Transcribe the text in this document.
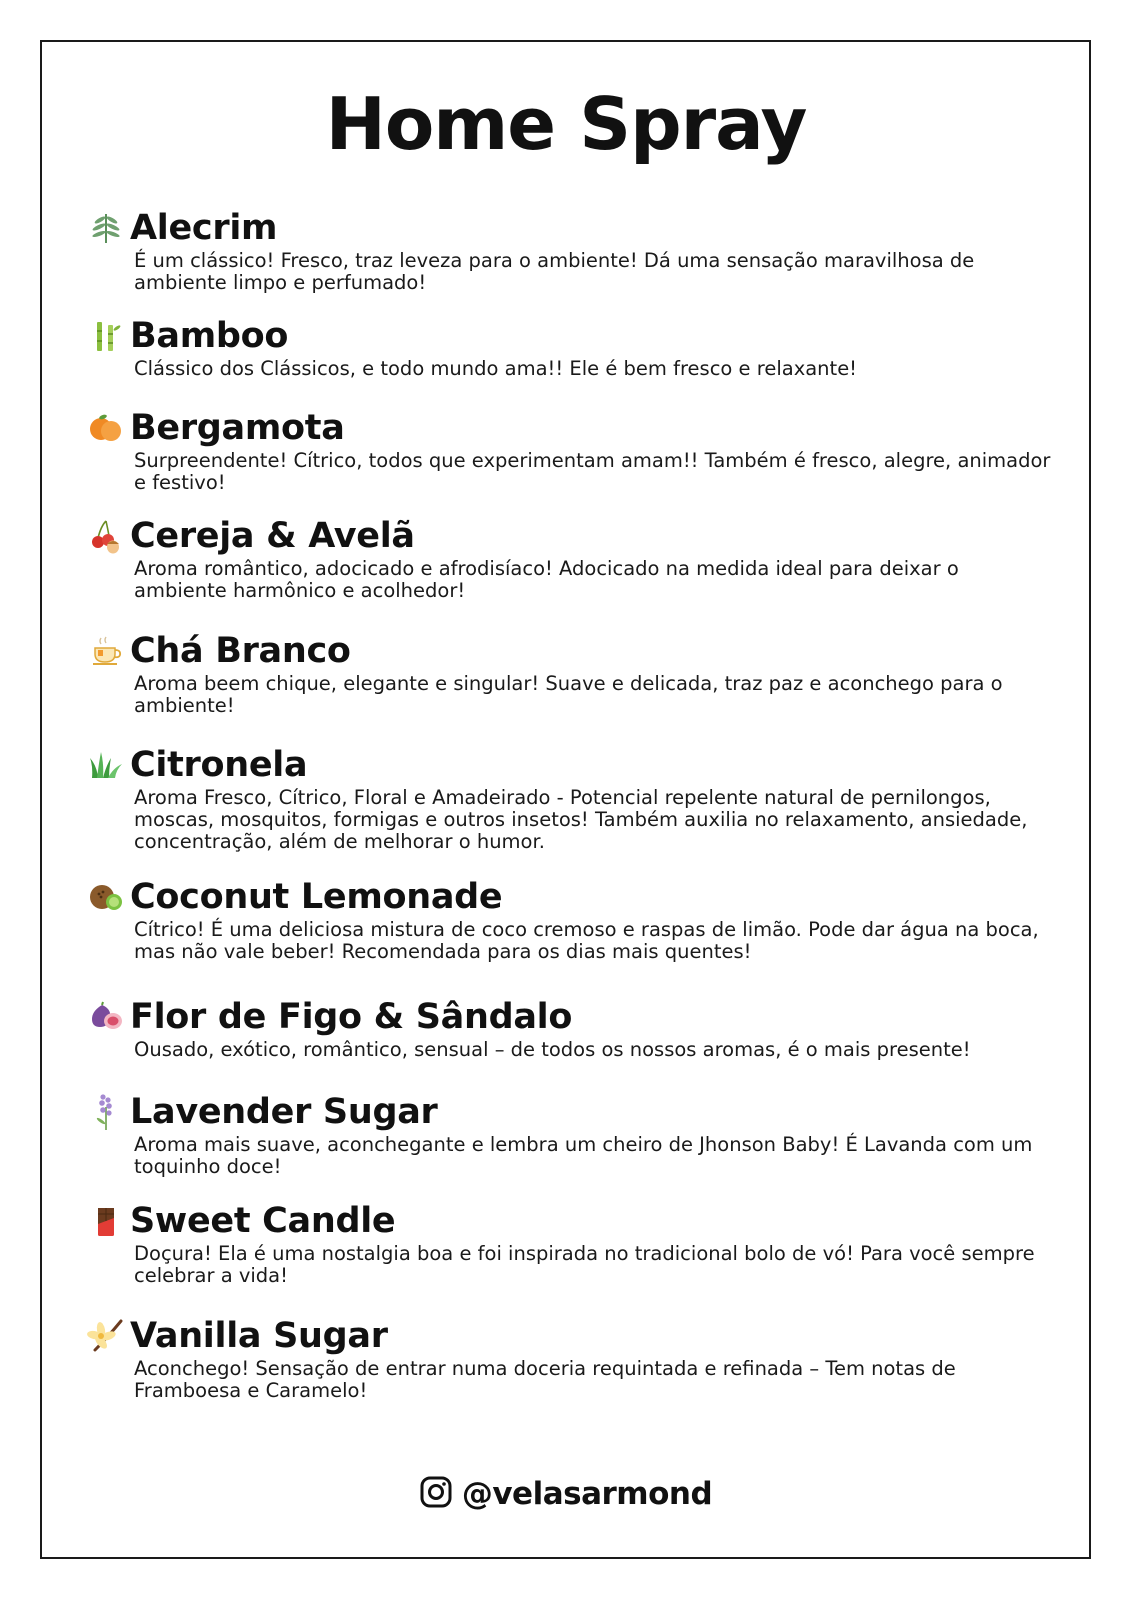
Home Spray
Alecrim

É um clássico! Fresco, traz leveza para o ambiente! Dá uma sensação maravilhosa de ambiente limpo e perfumado!

Bamboo

Clássico dos Clássicos, e todo mundo ama!! Ele é bem fresco e relaxante!

Bergamota

Surpreendente! Cítrico, todos que experimentam amam!! Também é fresco, alegre, animador e festivo!

Cereja & Avelã

Aroma romântico, adocicado e afrodisíaco! Adocicado na medida ideal para deixar o ambiente harmônico e acolhedor!

Chá Branco

Aroma beem chique, elegante e singular! Suave e delicada, traz paz e aconchego para o ambiente!

Citronela

Aroma Fresco, Cítrico, Floral e Amadeirado - Potencial repelente natural de pernilongos, moscas, mosquitos, formigas e outros insetos! Também auxilia no relaxamento, ansiedade, concentração, além de melhorar o humor.

Coconut Lemonade

Cítrico! É uma deliciosa mistura de coco cremoso e raspas de limão. Pode dar água na boca, mas não vale beber! Recomendada para os dias mais quentes!

Flor de Figo & Sândalo

Ousado, exótico, romântico, sensual – de todos os nossos aromas, é o mais presente!

Lavender Sugar

Aroma mais suave, aconchegante e lembra um cheiro de Jhonson Baby! É Lavanda com um toquinho doce!

Sweet Candle

Doçura! Ela é uma nostalgia boa e foi inspirada no tradicional bolo de vó! Para você sempre celebrar a vida!

Vanilla Sugar

Aconchego! Sensação de entrar numa doceria requintada e refinada – Tem notas de Framboesa e Caramelo!

@velasarmond
